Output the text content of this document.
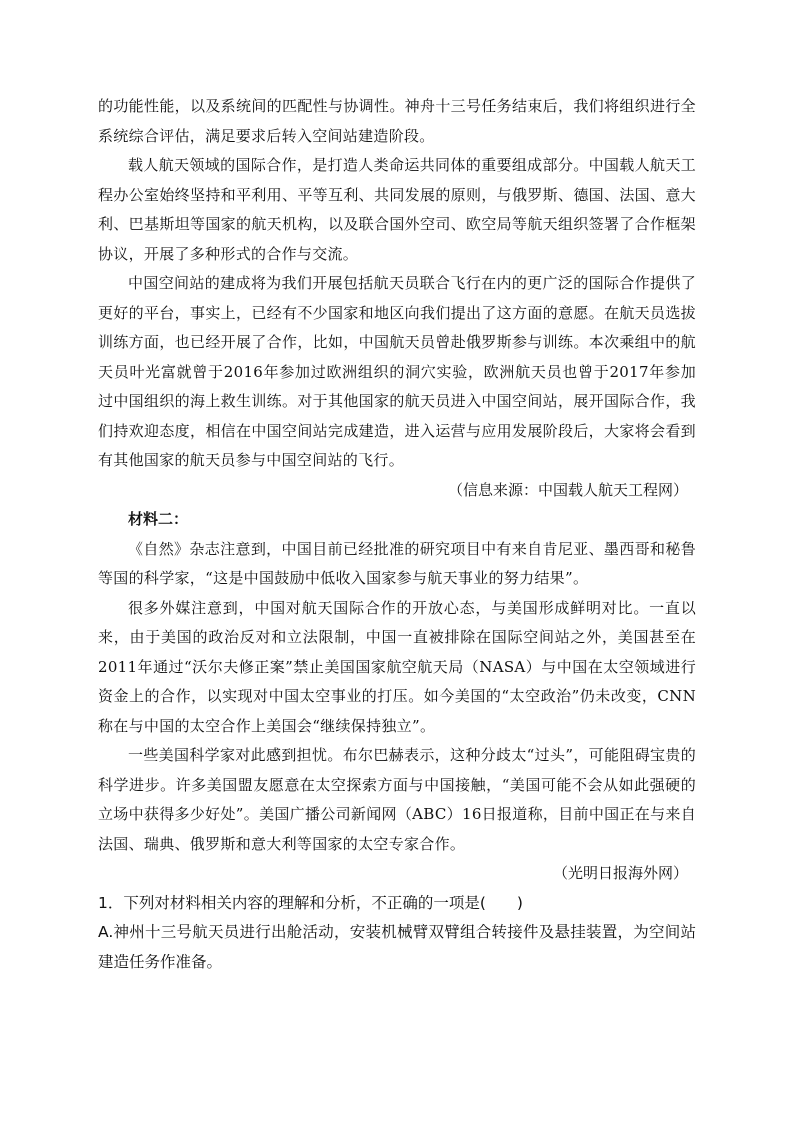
的功能性能，以及系统间的匹配性与协调性。神舟十三号任务结束后，我们将组织进行全系统综合评估，满足要求后转入空间站建造阶段。

载人航天领域的国际合作，是打造人类命运共同体的重要组成部分。中国载人航天工程办公室始终坚持和平利用、平等互利、共同发展的原则，与俄罗斯、德国、法国、意大利、巴基斯坦等国家的航天机构，以及联合国外空司、欧空局等航天组织签署了合作框架协议，开展了多种形式的合作与交流。

中国空间站的建成将为我们开展包括航天员联合飞行在内的更广泛的国际合作提供了更好的平台，事实上，已经有不少国家和地区向我们提出了这方面的意愿。在航天员选拔训练方面，也已经开展了合作，比如，中国航天员曾赴俄罗斯参与训练。本次乘组中的航天员叶光富就曾于2016年参加过欧洲组织的洞穴实验，欧洲航天员也曾于2017年参加过中国组织的海上救生训练。对于其他国家的航天员进入中国空间站，展开国际合作，我们持欢迎态度，相信在中国空间站完成建造，进入运营与应用发展阶段后，大家将会看到有其他国家的航天员参与中国空间站的飞行。

（信息来源：中国载人航天工程网）

材料二：

《自然》杂志注意到，中国目前已经批准的研究项目中有来自肯尼亚、墨西哥和秘鲁等国的科学家，“这是中国鼓励中低收入国家参与航天事业的努力结果”。

很多外媒注意到，中国对航天国际合作的开放心态，与美国形成鲜明对比。一直以来，由于美国的政治反对和立法限制，中国一直被排除在国际空间站之外，美国甚至在2011年通过“沃尔夫修正案”禁止美国国家航空航天局（NASA）与中国在太空领域进行资金上的合作，以实现对中国太空事业的打压。如今美国的“太空政治”仍未改变，CNN称在与中国的太空合作上美国会“继续保持独立”。

一些美国科学家对此感到担忧。布尔巴赫表示，这种分歧太“过头”，可能阻碍宝贵的科学进步。许多美国盟友愿意在太空探索方面与中国接触，“美国可能不会从如此强硬的立场中获得多少好处”。美国广播公司新闻网（ABC）16日报道称，目前中国正在与来自法国、瑞典、俄罗斯和意大利等国家的太空专家合作。

（光明日报海外网）

1．下列对材料相关内容的理解和分析，不正确的一项是(　　)

A.神州十三号航天员进行出舱活动，安装机械臂双臂组合转接件及悬挂装置，为空间站建造任务作准备。
